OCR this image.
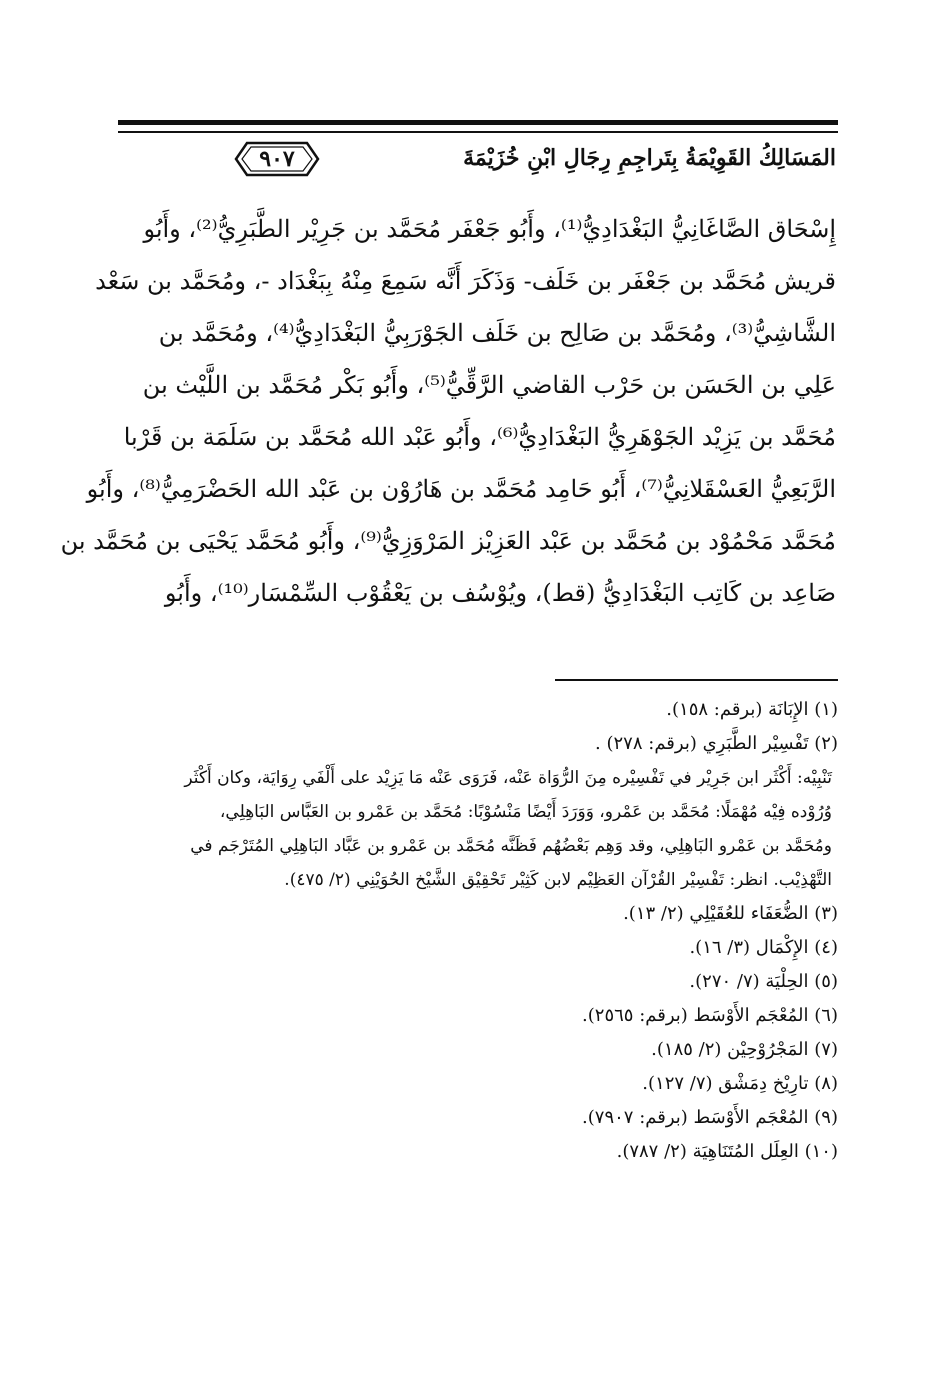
المَسَالِكُ القَوِيْمَةُ بِتَراجِمِ رِجَالِ ابْنِ خُزَيْمَةَ
٩٠٧
إِسْحَاق الصَّاغَانِيُّ البَغْدَادِيُّ⁽¹⁾، وأَبُو جَعْفَر مُحَمَّد بن جَرِيْر الطَّبَرِيُّ⁽²⁾، وأَبُو
قريش مُحَمَّد بن جَعْفَر بن خَلَف- وَذَكَرَ أَنَّه سَمِعَ مِنْهُ بِبَغْدَاد -، ومُحَمَّد بن سَعْد
الشَّاشِيُّ⁽³⁾، ومُحَمَّد بن صَالِح بن خَلَف الجَوْرَبِيُّ البَغْدَادِيُّ⁽⁴⁾، ومُحَمَّد بن
عَلِي بن الحَسَن بن حَرْب القاضي الرَّقِّيُّ⁽⁵⁾، وأَبُو بَكْر مُحَمَّد بن اللَّيْث بن
مُحَمَّد بن يَزِيْد الجَوْهَرِيُّ البَغْدَادِيُّ⁽⁶⁾، وأَبُو عَبْد الله مُحَمَّد بن سَلَمَة بن قَرْبا
الرَّبَعِيُّ العَسْقَلانِيُّ⁽⁷⁾، أَبُو حَامِد مُحَمَّد بن هَارُوْن بن عَبْد الله الحَضْرَمِيُّ⁽⁸⁾، وأَبُو
مُحَمَّد مَحْمُوْد بن مُحَمَّد بن عَبْد العَزِيْز المَرْوَزِيُّ⁽⁹⁾، وأَبُو مُحَمَّد يَحْيَى بن مُحَمَّد بن
صَاعِد بن كَاتِب البَغْدَادِيُّ (قط)، ويُوْسُف بن يَعْقُوْب السِّمْسَار⁽¹⁰⁾، وأَبُو
(١) الإِبَانَة (برقم: ١٥٨).
(٢) تَفْسِيْر الطَّبَرِي (برقم: ٢٧٨) .
تَنْبِيْه: أَكْثَر ابن جَرِيْر في تَفْسِيْره مِنَ الرُّوَاة عَنْه، فَرَوَى عَنْه مَا يَزِيْد على أَلْفَي رِوَايَة، وكان أَكْثَر
وُرُوْده فِيْه مُهْمَلًا: مُحَمَّد بن عَمْرو، وَوَرَدَ أَيْضًا مَنْسُوْبًا: مُحَمَّد بن عَمْرو بن العَبَّاس البَاهِلِي،
ومُحَمَّد بن عَمْرو البَاهِلِي، وقد وَهِم بَعْضُهُم فَظَنَّه مُحَمَّد بن عَمْرو بن عَبَّاد البَاهِلِي المُتَرْجَم في
التَّهْذِيْب. انظر: تَفْسِيْر القُرْآن العَظِيْم لابن كَثِيْر تَحْقِيْق الشَّيْخ الحُوَيْنِي (٢/ ٤٧٥).
(٣) الضُّعَفَاء للعُقَيْلِي (٢/ ١٣).
(٤) الإِكْمَال (٣/ ١٦).
(٥) الحِلْيَة (٧/ ٢٧٠).
(٦) المُعْجَم الأَوْسَط (برقم: ٢٥٦٥).
(٧) المَجْرُوْحِيْن (٢/ ١٨٥).
(٨) تارِيْخ دِمَشْق (٧/ ١٢٧).
(٩) المُعْجَم الأَوْسَط (برقم: ٧٩٠٧).
(١٠) العِلَل المُتَنَاهِيَة (٢/ ٧٨٧).
